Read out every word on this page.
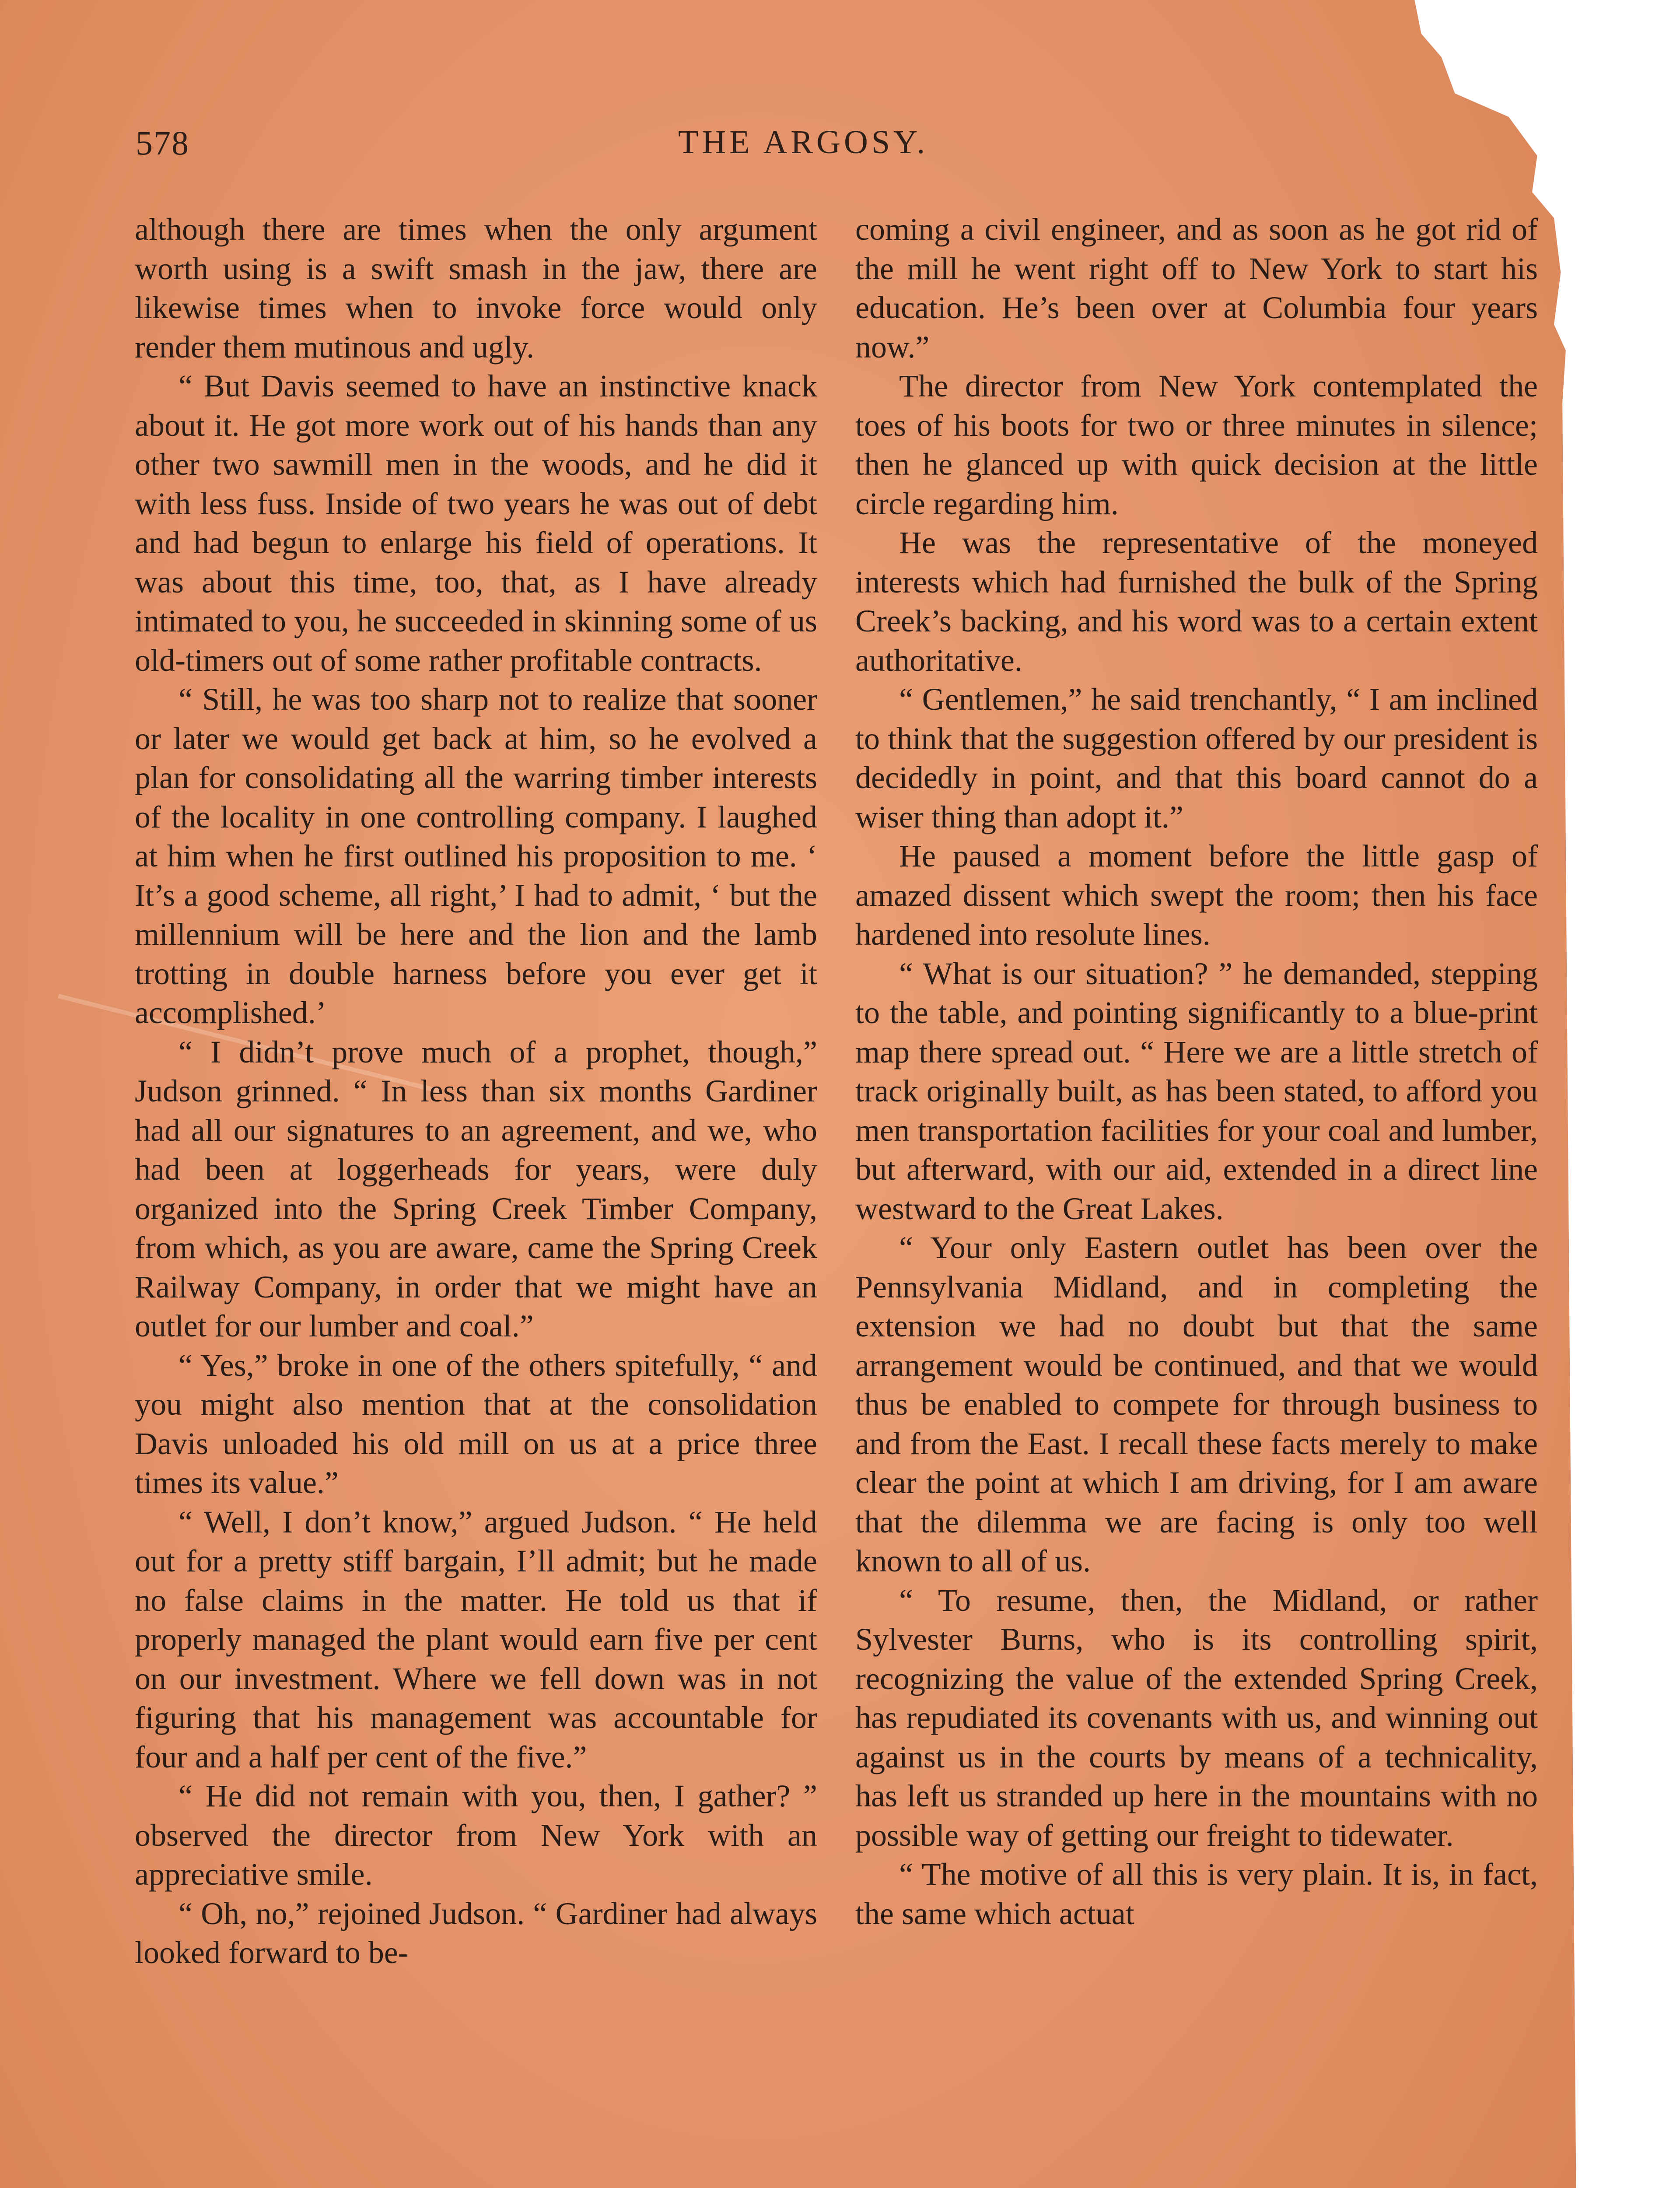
578	THE ARGOSY.

although there are times when the only argument worth using is a swift smash in the jaw, there are likewise times when to invoke force would only render them mutinous and ugly.

“ But Davis seemed to have an instinctive knack about it. He got more work out of his hands than any other two sawmill men in the woods, and he did it with less fuss. Inside of two years he was out of debt and had begun to enlarge his field of operations. It was about this time, too, that, as I have already intimated to you, he succeeded in skinning some of us old-timers out of some rather profitable contracts.

“ Still, he was too sharp not to realize that sooner or later we would get back at him, so he evolved a plan for consolidating all the warring timber interests of the locality in one controlling company. I laughed at him when he first outlined his proposition to me. ‘ It’s a good scheme, all right,’ I had to admit, ‘ but the millennium will be here and the lion and the lamb trotting in double harness before you ever get it accomplished.’

“ I didn’t prove much of a prophet, though,” Judson grinned. “ In less than six months Gardiner had all our signatures to an agreement, and we, who had been at loggerheads for years, were duly organized into the Spring Creek Timber Company, from which, as you are aware, came the Spring Creek Railway Company, in order that we might have an outlet for our lumber and coal.”

“ Yes,” broke in one of the others spitefully, “ and you might also mention that at the consolidation Davis unloaded his old mill on us at a price three times its value.”

“ Well, I don’t know,” argued Judson. “ He held out for a pretty stiff bargain, I’ll admit; but he made no false claims in the matter. He told us that if properly managed the plant would earn five per cent on our investment. Where we fell down was in not figuring that his management was accountable for four and a half per cent of the five.”

“ He did not remain with you, then, I gather? ” observed the director from New York with an appreciative smile.

“ Oh, no,” rejoined Judson. “ Gardiner had always looked forward to be-

coming a civil engineer, and as soon as he got rid of the mill he went right off to New York to start his education. He’s been over at Columbia four years now.”

The director from New York contemplated the toes of his boots for two or three minutes in silence; then he glanced up with quick decision at the little circle regarding him.

He was the representative of the moneyed interests which had furnished the bulk of the Spring Creek’s backing, and his word was to a certain extent authoritative.

“ Gentlemen,” he said trenchantly, “ I am inclined to think that the suggestion offered by our president is decidedly in point, and that this board cannot do a wiser thing than adopt it.”

He paused a moment before the little gasp of amazed dissent which swept the room; then his face hardened into resolute lines.

“ What is our situation? ” he demanded, stepping to the table, and pointing significantly to a blue-print map there spread out. “ Here we are a little stretch of track originally built, as has been stated, to afford you men transportation facilities for your coal and lumber, but afterward, with our aid, extended in a direct line westward to the Great Lakes.

“ Your only Eastern outlet has been over the Pennsylvania Midland, and in completing the extension we had no doubt but that the same arrangement would be continued, and that we would thus be enabled to compete for through business to and from the East. I recall these facts merely to make clear the point at which I am driving, for I am aware that the dilemma we are facing is only too well known to all of us.

“ To resume, then, the Midland, or rather Sylvester Burns, who is its controlling spirit, recognizing the value of the extended Spring Creek, has repudiated its covenants with us, and winning out against us in the courts by means of a technicality, has left us stranded up here in the mountains with no possible way of getting our freight to tidewater.

“ The motive of all this is very plain. It is, in fact, the same which actuat
